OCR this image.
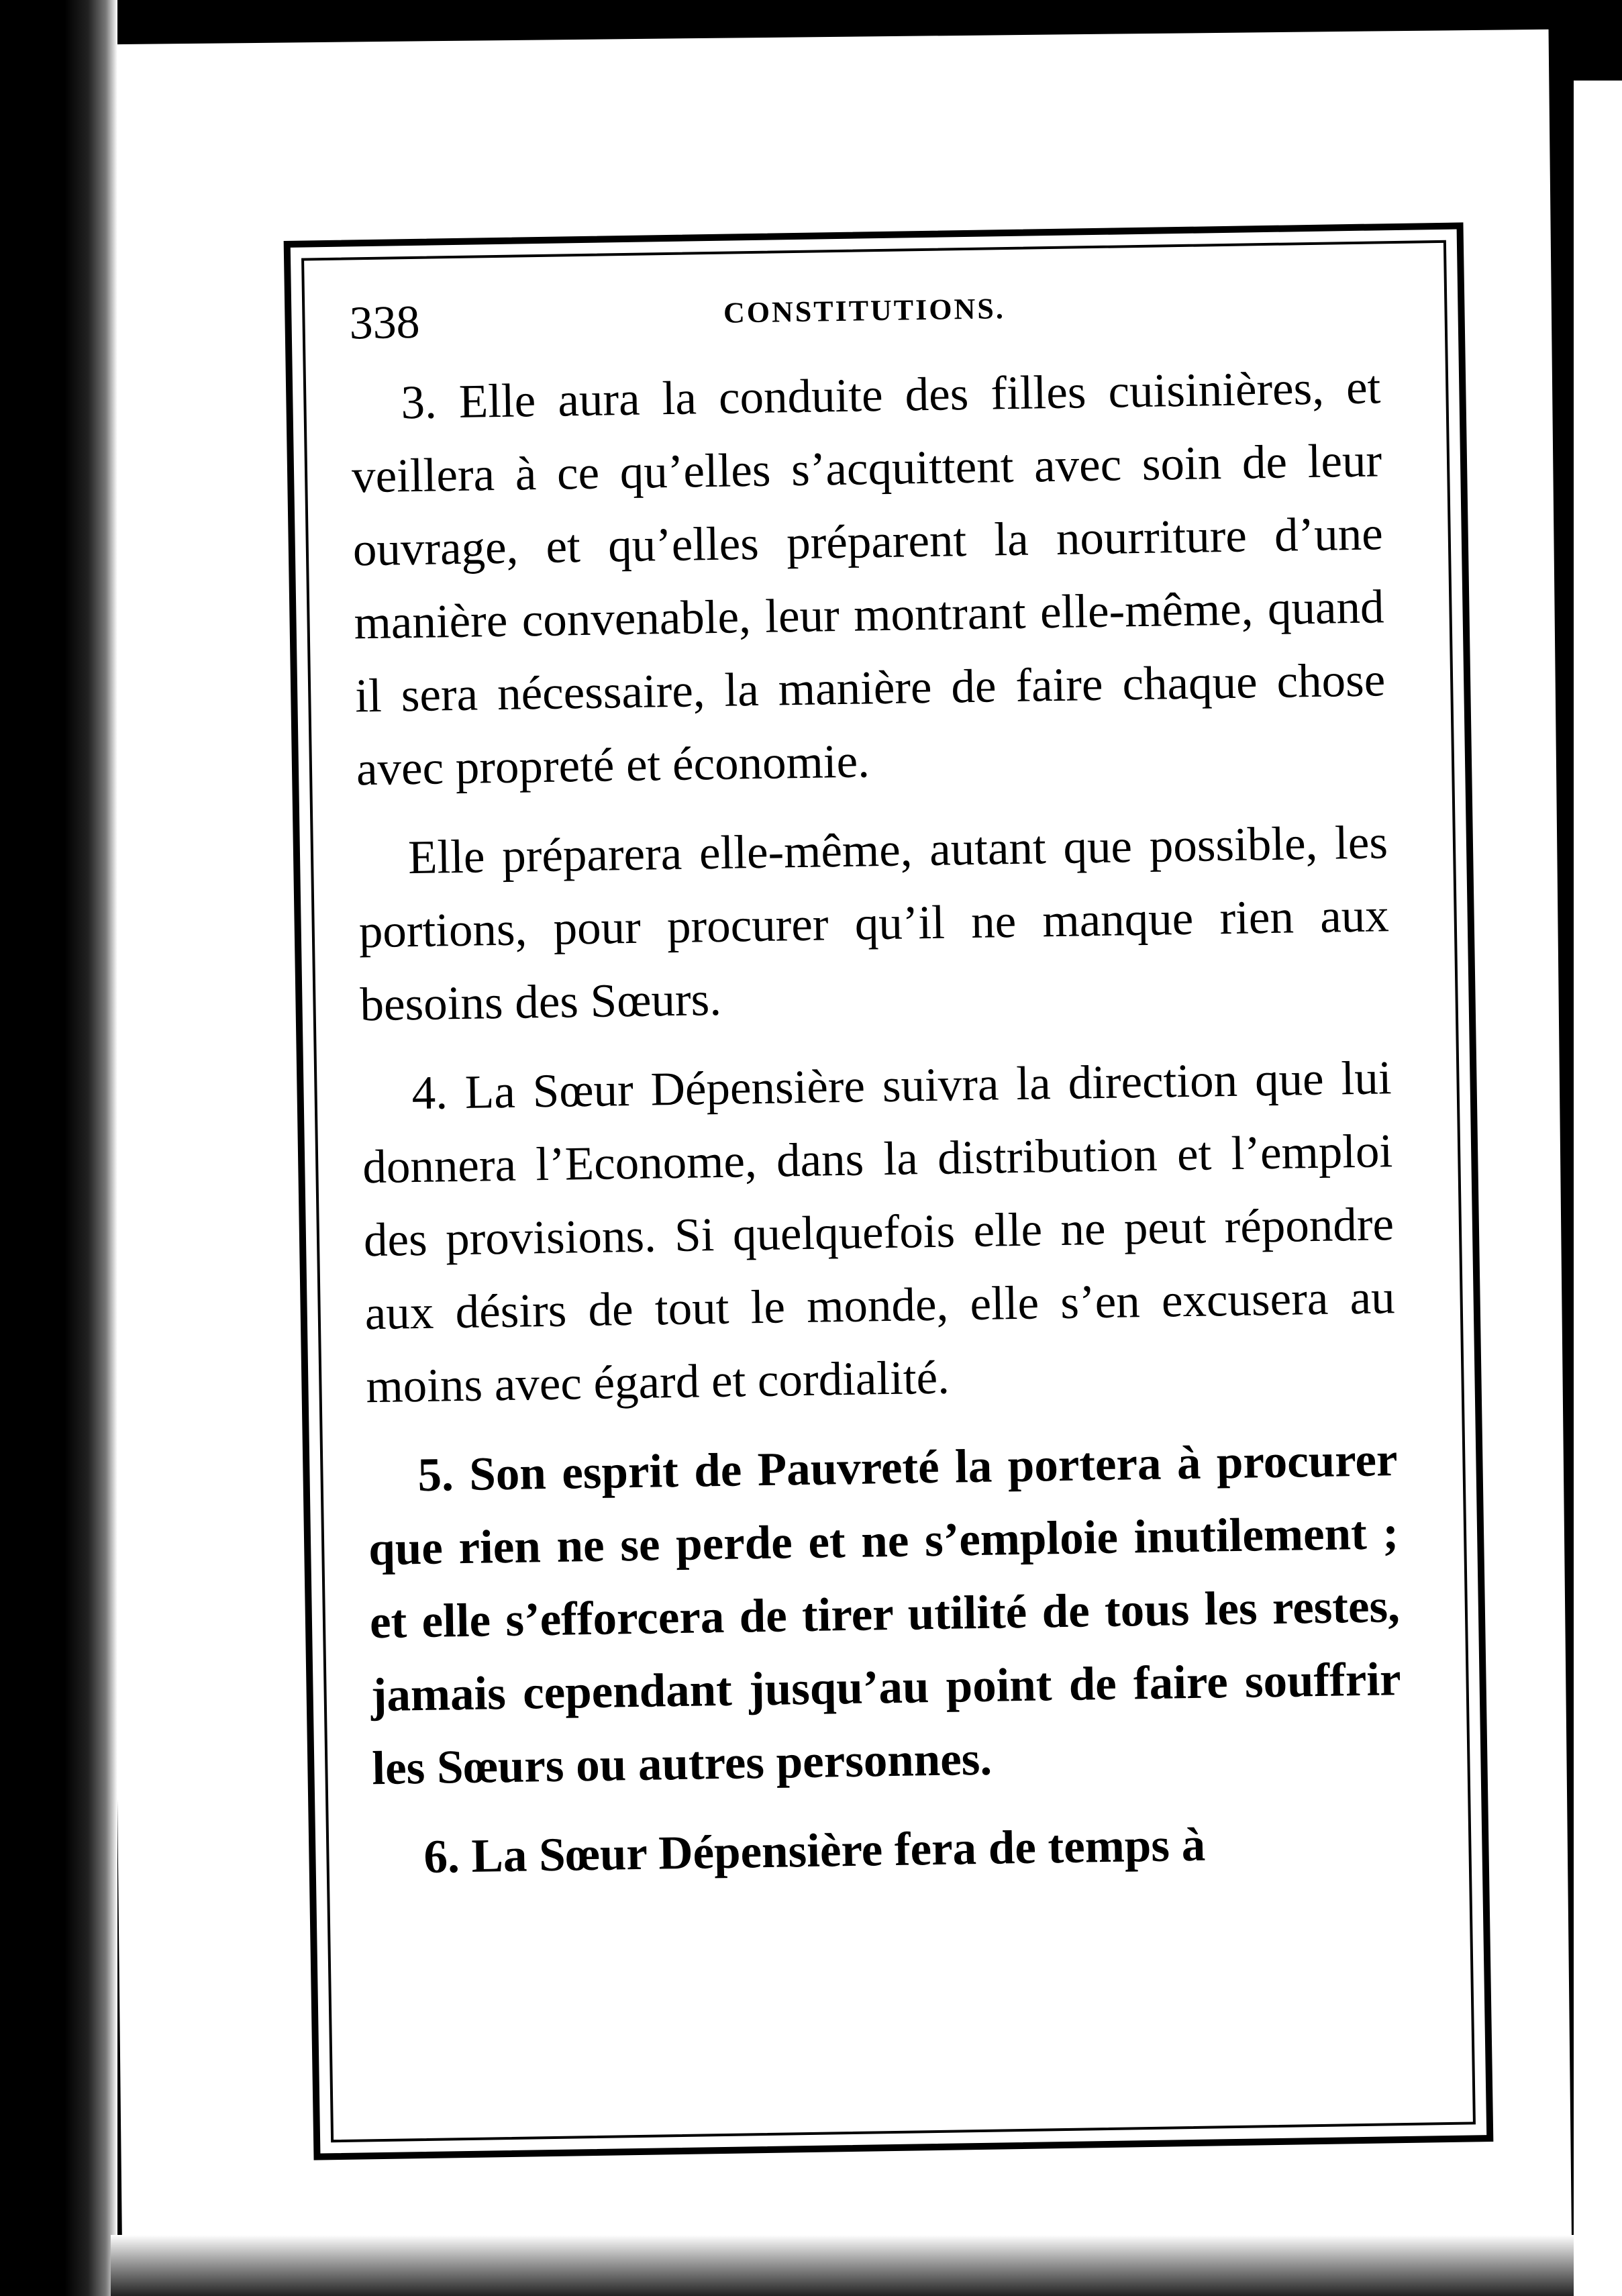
338	CONSTITUTIONS.

3. Elle aura la conduite des filles cuisinières, et veillera à ce qu’elles s’acquittent avec soin de leur ouvrage, et qu’elles préparent la nourriture d’une manière convenable, leur montrant elle-même, quand il sera nécessaire, la manière de faire chaque chose avec propreté et économie.

Elle préparera elle-même, autant que possible, les portions, pour procurer qu’il ne manque rien aux besoins des Sœurs.

4. La Sœur Dépensière suivra la direction que lui donnera l’Econome, dans la distribution et l’emploi des provisions. Si quelquefois elle ne peut répondre aux désirs de tout le monde, elle s’en excusera au moins avec égard et cordialité.

5. Son esprit de Pauvreté la portera à procurer que rien ne se perde et ne s’emploie inutilement ; et elle s’efforcera de tirer utilité de tous les restes, jamais cependant jusqu’au point de faire souffrir les Sœurs ou autres personnes.

6. La Sœur Dépensière fera de temps à
